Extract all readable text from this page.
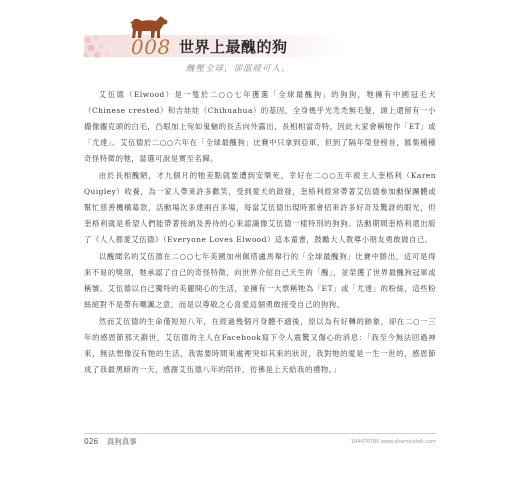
008 世界上最醜的狗
醜壓全球，卻溫暖可人。

艾伍德（Elwood）是一隻於二○○七年獲選「全球最醜狗」的狗狗，牠擁有中國冠毛犬（Chinese crested）和吉娃娃（Chihuahua）的基因，全身幾乎光禿禿無毛髮，頭上還留有一小撮像龐克頭的白毛，凸眼加上宛如鬼魅的長舌向外露出，長相相當奇特，因此大家會稱牠作「ET」或「尤達」。艾伍德於二○○六年在「全球最醜狗」比賽中只拿到亞軍，但到了隔年榮登榜首，匯集種種奇怪特徵的牠，當選可說是實至名歸。

由於長相醜陋，才九個月的牠差點就要遭到安樂死，幸好在二○○五年被主人奎格利（Karen Quigley）收養，為一家人帶來許多歡笑，受到愛犬的啟發，奎格利經常帶著艾伍德參加動保團體或幫忙慈善機構募款，活動場次多達兩百多場，每當艾伍德出現時都會招來許多好奇及驚訝的眼光，但奎格利就是希望人們能帶著接納及善待的心來認識像艾伍德一樣特別的狗狗。活動期間奎格利還出版了《人人都愛艾伍德》（Everyone Loves Elwood）這本童書，鼓勵大人教導小朋友勇敢做自己。

以醜聞名的艾伍德在二○○七年美國加州佩塔盧馬舉行的「全球最醜狗」比賽中勝出，這可是得來不易的獎項，牠承認了自己的奇怪特徵，向世界介紹自己天生的「醜」，並榮獲了世界最醜狗冠軍或稱號。艾伍德以自己獨特的美麗開心的生活，並擁有一大票稱牠為「ET」或「尤達」的粉絲，這些粉絲絕對不是帶有嘲諷之意，而是以尊敬之心喜愛這個勇敢接受自己的狗狗。

然而艾伍德的生命僅短短八年，在經過幾個月身體不適後，原以為有好轉的跡象，卻在二○一三年的感恩節那天辭世，艾伍德的主人在Facebook寫下令人震驚又傷心的消息：「我至今無法回過神來，無法想像沒有牠的生活，我需要時間來處裡突如其來的狀況，我對牠的愛是一生一世的，感恩節成了我最黑暗的一天，感謝艾伍德八年的陪伴，彷彿是上天給我的禮物。」

026 真狗真事	104470780 www.sharnoiotek.com
